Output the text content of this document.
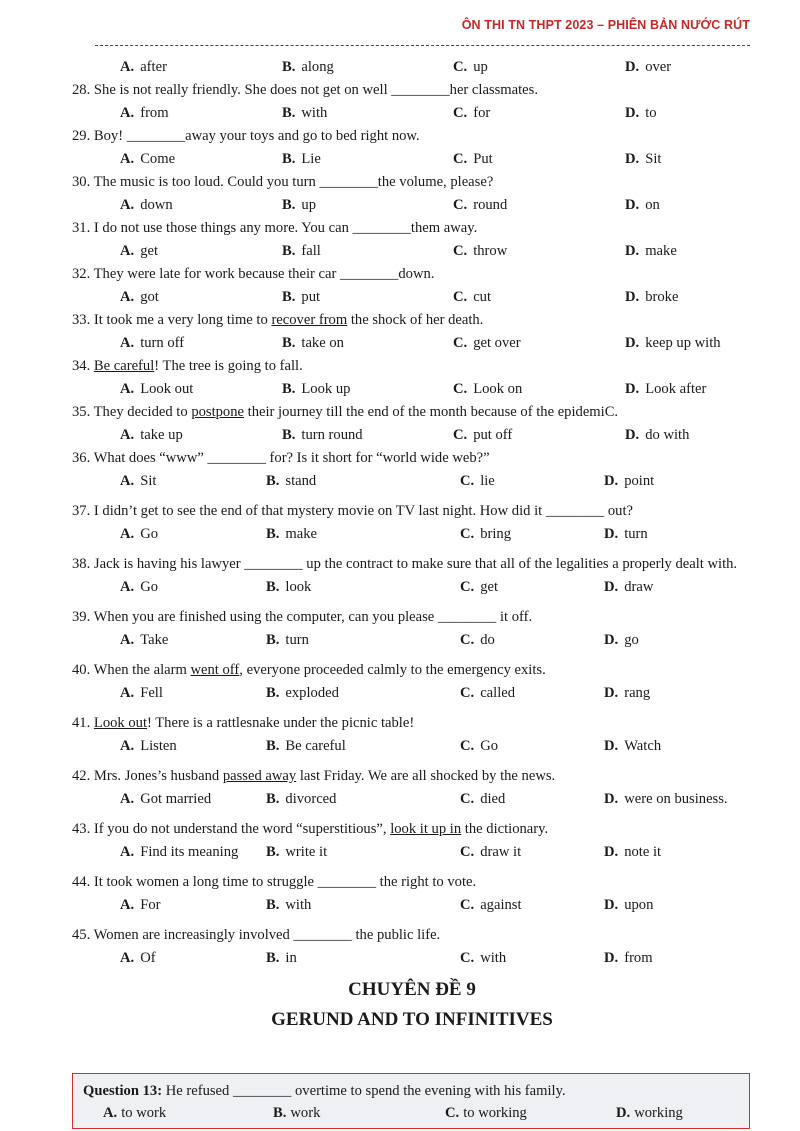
ÔN THI TN THPT 2023 – PHIÊN BẢN NƯỚC RÚT
A. after	B. along	C. up	D. over

28. She is not really friendly. She does not get on well ________her classmates.

A. from	B. with	C. for	D. to

29. Boy! ________away your toys and go to bed right now.

A. Come	B. Lie	C. Put	D. Sit

30. The music is too loud. Could you turn ________the volume, please?

A. down	B. up	C. round	D. on

31. I do not use those things any more. You can ________them away.

A. get	B. fall	C. throw	D. make

32. They were late for work because their car ________down.

A. got	B. put	C. cut	D. broke

33. It took me a very long time to recover from the shock of her death.

A. turn off	B. take on	C. get over	D. keep up with

34. Be careful! The tree is going to fall.

A. Look out	B. Look up	C. Look on	D. Look after

35. They decided to postpone their journey till the end of the month because of the epidemiC.

A. take up	B. turn round	C. put off	D. do with

36. What does “www” ________ for? Is it short for “world wide web?”

A. Sit	B. stand	C. lie	D. point

37. I didn’t get to see the end of that mystery movie on TV last night. How did it ________ out?

A. Go	B. make	C. bring	D. turn

38. Jack is having his lawyer ________ up the contract to make sure that all of the legalities a properly dealt with.

A. Go	B. look	C. get	D. draw

39. When you are finished using the computer, can you please ________ it off.

A. Take	B. turn	C. do	D. go

40. When the alarm went off, everyone proceeded calmly to the emergency exits.

A. Fell	B. exploded	C. called	D. rang

41. Look out! There is a rattlesnake under the picnic table!

A. Listen	B. Be careful	C. Go	D. Watch

42. Mrs. Jones’s husband passed away last Friday. We are all shocked by the news.

A. Got married	B. divorced	C. died	D. were on business.

43. If you do not understand the word “superstitious”, look it up in the dictionary.

A. Find its meaning B. write it	C. draw it	D. note it

44. It took women a long time to struggle ________ the right to vote.

A. For	B. with	C. against	D. upon

45. Women are increasingly involved ________ the public life.

A. Of	B. in	C. with	D. from

CHUYÊN ĐỀ 9

GERUND AND TO INFINITIVES

Question 13: He refused ________ overtime to spend the evening with his family.
A. to work	B. work	C. to working	D. working
